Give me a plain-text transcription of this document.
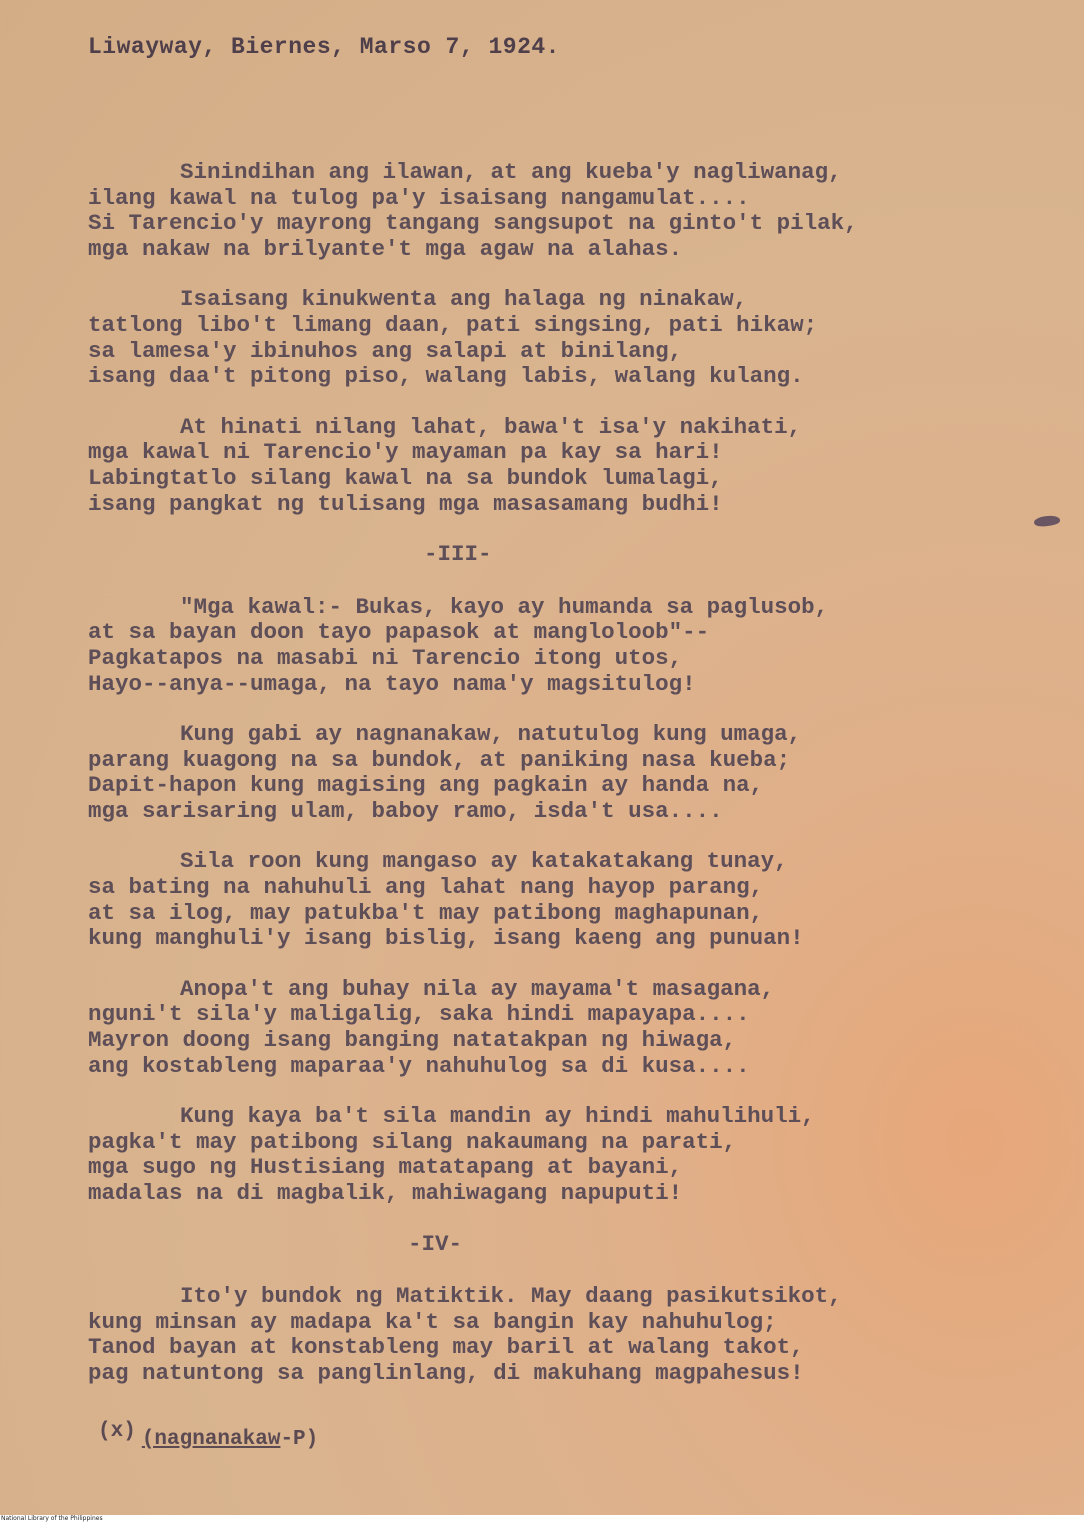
Liwayway, Biernes, Marso 7, 1924.
Sinindihan ang ilawan, at ang kueba'y nagliwanag,
ilang kawal na tulog pa'y isaisang nangamulat....
Si Tarencio'y mayrong tangang sangsupot na ginto't pilak,
mga nakaw na brilyante't mga agaw na alahas.
Isaisang kinukwenta ang halaga ng ninakaw,
tatlong libo't limang daan, pati singsing, pati hikaw;
sa lamesa'y ibinuhos ang salapi at binilang,
isang daa't pitong piso, walang labis, walang kulang.
At hinati nilang lahat, bawa't isa'y nakihati,
mga kawal ni Tarencio'y mayaman pa kay sa hari!
Labingtatlo silang kawal na sa bundok lumalagi,
isang pangkat ng tulisang mga masasamang budhi!
-III-
"Mga kawal:- Bukas, kayo ay humanda sa paglusob,
at sa bayan doon tayo papasok at mangloloob"--
Pagkatapos na masabi ni Tarencio itong utos,
Hayo--anya--umaga, na tayo nama'y magsitulog!
Kung gabi ay nagnanakaw, natutulog kung umaga,
parang kuagong na sa bundok, at paniking nasa kueba;
Dapit-hapon kung magising ang pagkain ay handa na,
mga sarisaring ulam, baboy ramo, isda't usa....
Sila roon kung mangaso ay katakatakang tunay,
sa bating na nahuhuli ang lahat nang hayop parang,
at sa ilog, may patukba't may patibong maghapunan,
kung manghuli'y isang bislig, isang kaeng ang punuan!
Anopa't ang buhay nila ay mayama't masagana,
nguni't sila'y maligalig, saka hindi mapayapa....
Mayron doong isang banging natatakpan ng hiwaga,
ang kostableng maparaa'y nahuhulog sa di kusa....
Kung kaya ba't sila mandin ay hindi mahulihuli,
pagka't may patibong silang nakaumang na parati,
mga sugo ng Hustisiang matatapang at bayani,
madalas na di magbalik, mahiwagang napuputi!
-IV-
Ito'y bundok ng Matiktik. May daang pasikutsikot,
kung minsan ay madapa ka't sa bangin kay nahuhulog;
Tanod bayan at konstableng may baril at walang takot,
pag natuntong sa panglinlang, di makuhang magpahesus!
(x) (nagnanakaw-P)
National Library of the Philippines
